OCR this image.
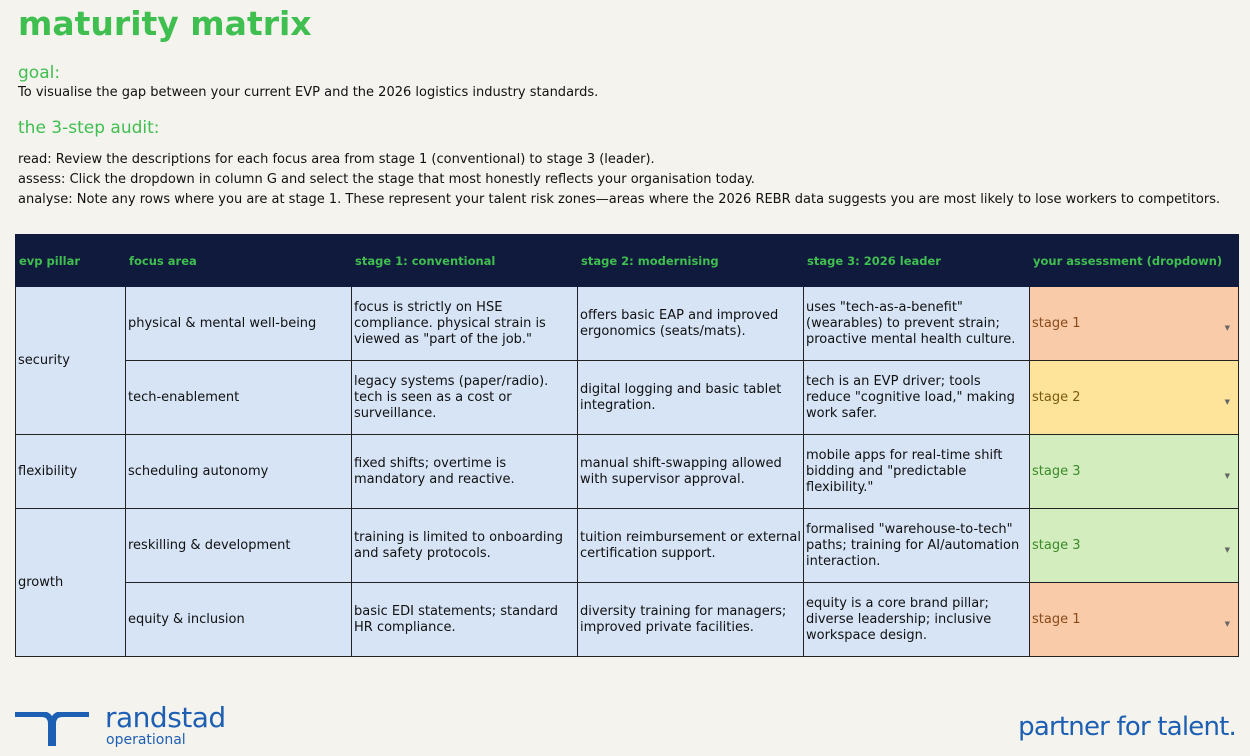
maturity matrix
goal:
To visualise the gap between your current EVP and the 2026 logistics industry standards.
the 3-step audit:
read: Review the descriptions for each focus area from stage 1 (conventional) to stage 3 (leader).
assess: Click the dropdown in column G and select the stage that most honestly reflects your organisation today.
analyse: Note any rows where you are at stage 1. These represent your talent risk zones—areas where the 2026 REBR data suggests you are most likely to lose workers to competitors.
evp pillar	focus area	stage 1: conventional	stage 2: modernising	stage 3: 2026 leader	your assessment (dropdown)
security	physical & mental well-being	focus is strictly on HSE compliance. physical strain is viewed as "part of the job."	offers basic EAP and improved ergonomics (seats/mats).	uses "tech-as-a-benefit" (wearables) to prevent strain; proactive mental health culture.	stage 1 ▼

	tech-enablement	legacy systems (paper/radio). tech is seen as a cost or surveillance.	digital logging and basic tablet integration.	tech is an EVP driver; tools reduce "cognitive load," making work safer.	stage 2 ▼

flexibility	scheduling autonomy	fixed shifts; overtime is mandatory and reactive.	manual shift-swapping allowed with supervisor approval.	mobile apps for real-time shift bidding and "predictable flexibility."	stage 3 ▼

growth	reskilling & development	training is limited to onboarding and safety protocols.	tuition reimbursement or external certification support.	formalised "warehouse-to-tech" paths; training for AI/automation interaction.	stage 3 ▼

	equity & inclusion	basic EDI statements; standard HR compliance.	diversity training for managers; improved private facilities.	equity is a core brand pillar; diverse leadership; inclusive workspace design.	stage 1 ▼
randstad
operational	partner for talent.
